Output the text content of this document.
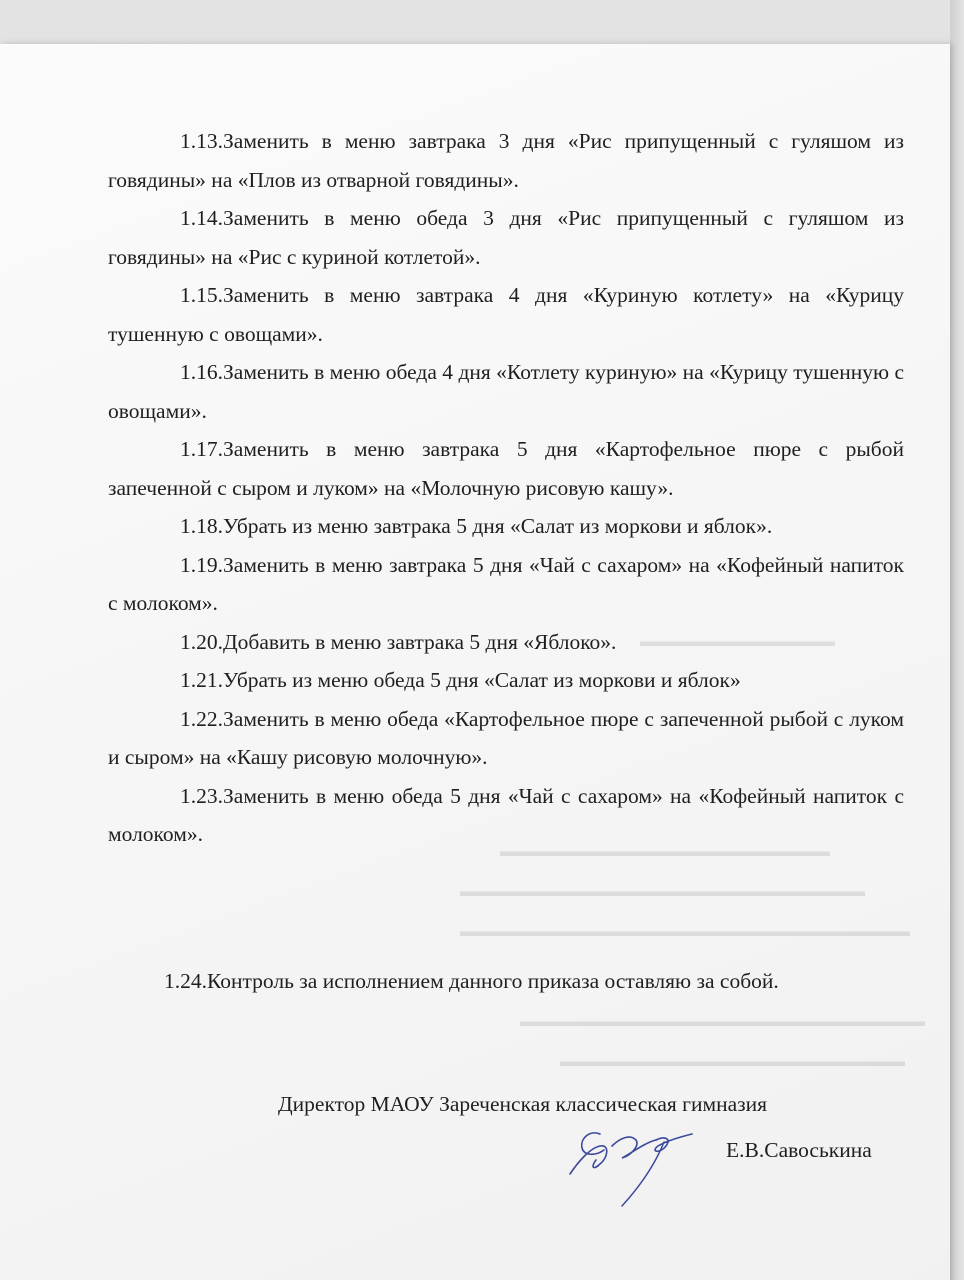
▬▬▬▬▬▬▬▬▬▬▬▬▬
▬▬▬▬▬▬▬▬▬▬▬▬▬▬▬▬▬▬▬▬▬▬
▬▬▬▬▬▬▬▬▬▬▬▬▬▬▬▬▬▬▬▬▬▬▬▬▬▬▬
▬▬▬▬▬▬▬▬▬▬▬▬▬▬▬▬▬▬▬▬▬▬▬▬▬▬▬▬▬▬
▬▬▬▬▬▬▬▬▬▬▬▬▬▬▬▬▬▬▬▬▬▬▬▬▬▬▬
▬▬▬▬▬▬▬▬▬▬▬▬▬▬▬▬▬▬▬▬▬▬▬

1.13.Заменить в меню завтрака 3 дня «Рис припущенный с гуляшом из говядины» на «Плов из отварной говядины».

1.14.Заменить в меню обеда 3 дня «Рис припущенный с гуляшом из говядины» на «Рис с куриной котлетой».

1.15.Заменить в меню завтрака 4 дня «Куриную котлету» на «Курицу тушенную с овощами».

1.16.Заменить в меню обеда 4 дня «Котлету куриную» на «Курицу тушенную с овощами».

1.17.Заменить в меню завтрака 5 дня «Картофельное пюре с рыбой запеченной с сыром и луком» на «Молочную рисовую кашу».

1.18.Убрать из меню завтрака 5 дня «Салат из моркови и яблок».

1.19.Заменить в меню завтрака 5 дня «Чай с сахаром» на «Кофейный напиток с молоком».

1.20.Добавить в меню завтрака 5 дня «Яблоко».

1.21.Убрать из меню обеда 5 дня «Салат из моркови и яблок»

1.22.Заменить в меню обеда «Картофельное пюре с запеченной рыбой с луком и сыром» на «Кашу рисовую молочную».

1.23.Заменить в меню обеда 5 дня «Чай с сахаром» на «Кофейный напиток с молоком».

1.24.Контроль за исполнением данного приказа оставляю за собой.

Директор МАОУ Зареченская классическая гимназия

Е.В.Савоськина
